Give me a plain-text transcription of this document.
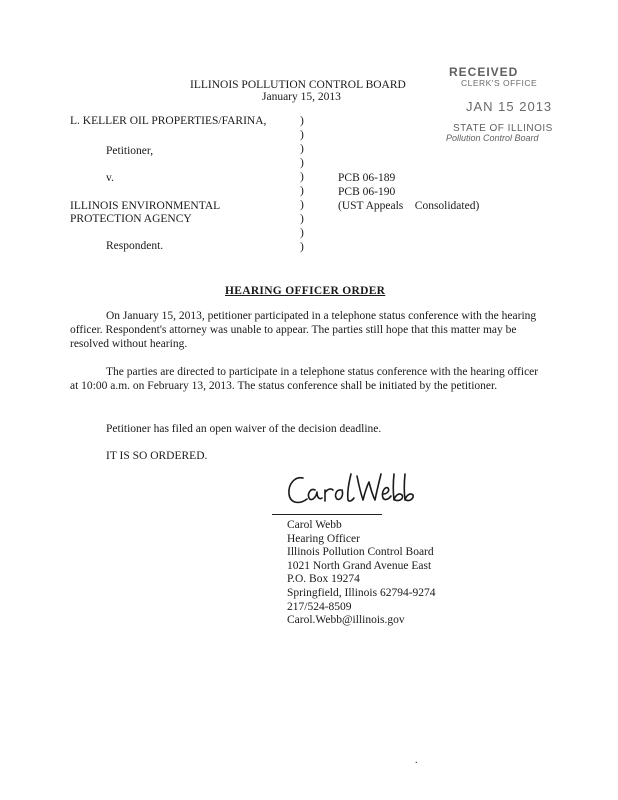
ILLINOIS POLLUTION CONTROL BOARD
January 15, 2013
RECEIVED
CLERK'S OFFICE
JAN 15 2013
STATE OF ILLINOIS
Pollution Control Board
L. KELLER OIL PROPERTIES/FARINA,
Petitioner,
v.
ILLINOIS ENVIRONMENTAL
PROTECTION AGENCY
Respondent.
)
)
)
)
)
)
)
)
)
)
PCB 06-189
PCB 06-190
(UST Appeals    Consolidated)
HEARING OFFICER ORDER
On January 15, 2013, petitioner participated in a telephone status conference with the hearing officer. Respondent's attorney was unable to appear. The parties still hope that this matter may be resolved without hearing.
The parties are directed to participate in a telephone status conference with the hearing officer at 10:00 a.m. on February 13, 2013. The status conference shall be initiated by the petitioner.
Petitioner has filed an open waiver of the decision deadline.
IT IS SO ORDERED.
Carol Webb
Hearing Officer
Illinois Pollution Control Board
1021 North Grand Avenue East
P.O. Box 19274
Springfield, Illinois 62794-9274
217/524-8509
Carol.Webb@illinois.gov
.
